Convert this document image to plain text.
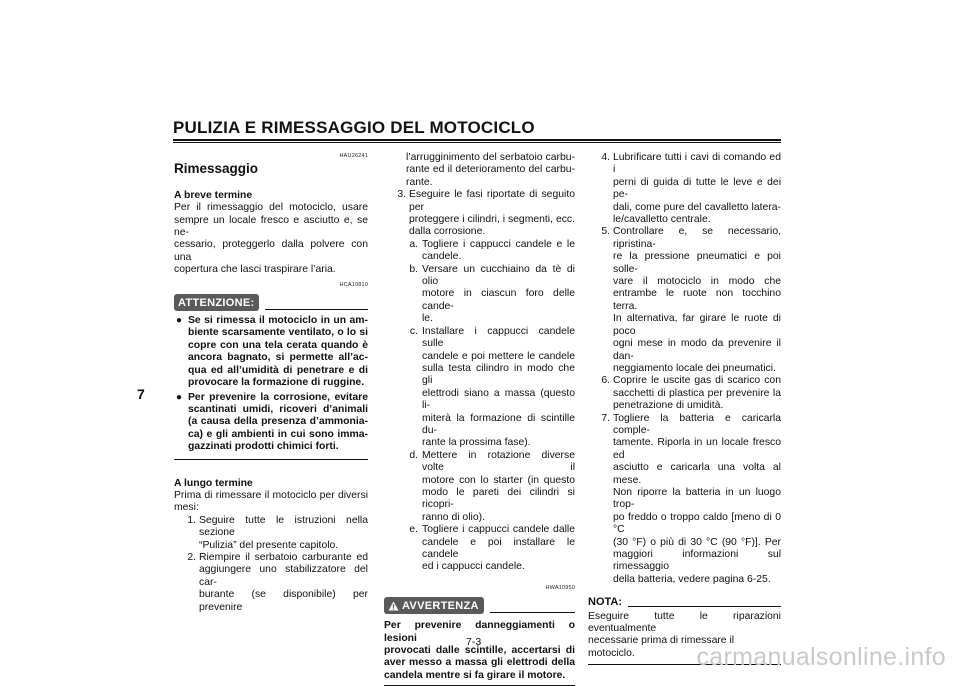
PULIZIA E RIMESSAGGIO DEL MOTOCICLO
7
HAU26241
Rimessaggio
A breve termine

Per il rimessaggio del motociclo, usare
sempre un locale fresco e asciutto e, se ne-
cessario, proteggerlo dalla polvere con una
copertura che lasci traspirare l’aria.

HCA10810
ATTENZIONE:
● Se si rimessa il motociclo in un am-
biente scarsamente ventilato, o lo si
copre con una tela cerata quando è
ancora bagnato, si permette all’ac-
qua ed all’umidità di penetrare e di
provocare la formazione di ruggine.
● Per prevenire la corrosione, evitare
scantinati umidi, ricoveri d’animali
(a causa della presenza d’ammonia-
ca) e gli ambienti in cui sono imma-
gazzinati prodotti chimici forti.
A lungo termine

Prima di rimessare il motociclo per diversi
mesi:

1. Seguire tutte le istruzioni nella sezione
“Pulizia” del presente capitolo.
2. Riempire il serbatoio carburante ed
aggiungere uno stabilizzatore del car-
burante (se disponibile) per prevenire
l’arrugginimento del serbatoio carbu-
rante ed il deterioramento del carbu-
rante.
3. Eseguire le fasi riportate di seguito per
proteggere i cilindri, i segmenti, ecc.
dalla corrosione.
a. Togliere i cappucci candele e le
candele.
b. Versare un cucchiaino da tè di olio
motore in ciascun foro delle cande-
le.
c. Installare i cappucci candele sulle
candele e poi mettere le candele
sulla testa cilindro in modo che gli
elettrodi siano a massa (questo li-
miterà la formazione di scintille du-
rante la prossima fase).
d. Mettere in rotazione diverse volte il
motore con lo starter (in questo
modo le pareti dei cilindri si ricopri-
ranno di olio).
e. Togliere i cappucci candele dalle
candele e poi installare le candele
ed i cappucci candele.
HWA10950
AVVERTENZA
Per prevenire danneggiamenti o lesioni
provocati dalle scintille, accertarsi di
aver messo a massa gli elettrodi della
candela mentre si fa girare il motore.
4. Lubrificare tutti i cavi di comando ed i
perni di guida di tutte le leve e dei pe-
dali, come pure del cavalletto latera-
le/cavalletto centrale.
5. Controllare e, se necessario, ripristina-
re la pressione pneumatici e poi solle-
vare il motociclo in modo che
entrambe le ruote non tocchino terra.
In alternativa, far girare le ruote di poco
ogni mese in modo da prevenire il dan-
neggiamento locale dei pneumatici.
6. Coprire le uscite gas di scarico con
sacchetti di plastica per prevenire la
penetrazione di umidità.
7. Togliere la batteria e caricarla comple-
tamente. Riporla in un locale fresco ed
asciutto e caricarla una volta al mese.
Non riporre la batteria in un luogo trop-
po freddo o troppo caldo [meno di 0 °C
(30 °F) o più di 30 °C (90 °F)]. Per
maggiori informazioni sul rimessaggio
della batteria, vedere pagina 6-25.
NOTA:
Eseguire tutte le riparazioni eventualmente
necessarie prima di rimessare il motociclo.
7-3
carmanualsonline.info
